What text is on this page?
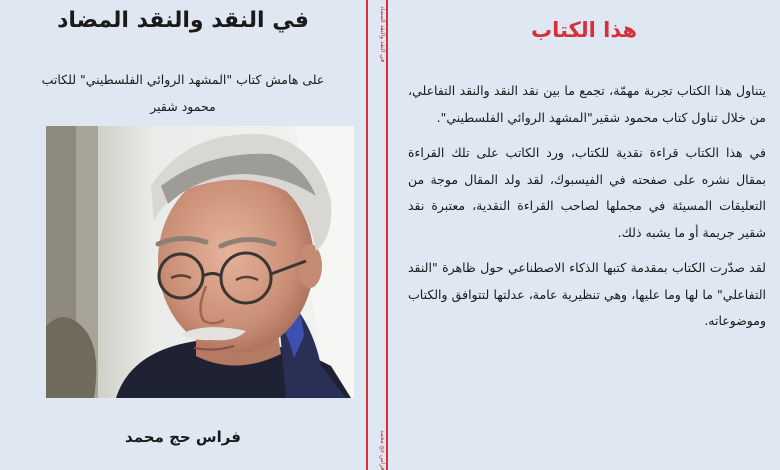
في النقد والنقد المضاد
على هامش كتاب "المشهد الروائي الفلسطيني" للكاتب
محمود شقير
فراس حج محمد
في النقد والنقد المضاد
فراس حج محمد
هذا الكتاب

يتناول هذا الكتاب تجربة مهمّة، تجمع ما بين نقد النقد والنقد التفاعلي، من خلال تناول كتاب محمود شقير"المشهد الروائي الفلسطيني".

في هذا الكتاب قراءة نقدية للكتاب، ورد الكاتب على تلك القراءة بمقال نشره على صفحته في الفيسبوك، لقد ولد المقال موجة من التعليقات المسيئة في مجملها لصاحب القراءة النقدية، معتبرة نقد شقير جريمة أو ما يشبه ذلك.

لقد صدّرت الكتاب بمقدمة كتبها الذكاء الاصطناعي حول ظاهرة "النقد التفاعلي" ما لها وما عليها، وهي تنظيرية عامة، عدلتها لتتوافق والكتاب وموضوعاته.
